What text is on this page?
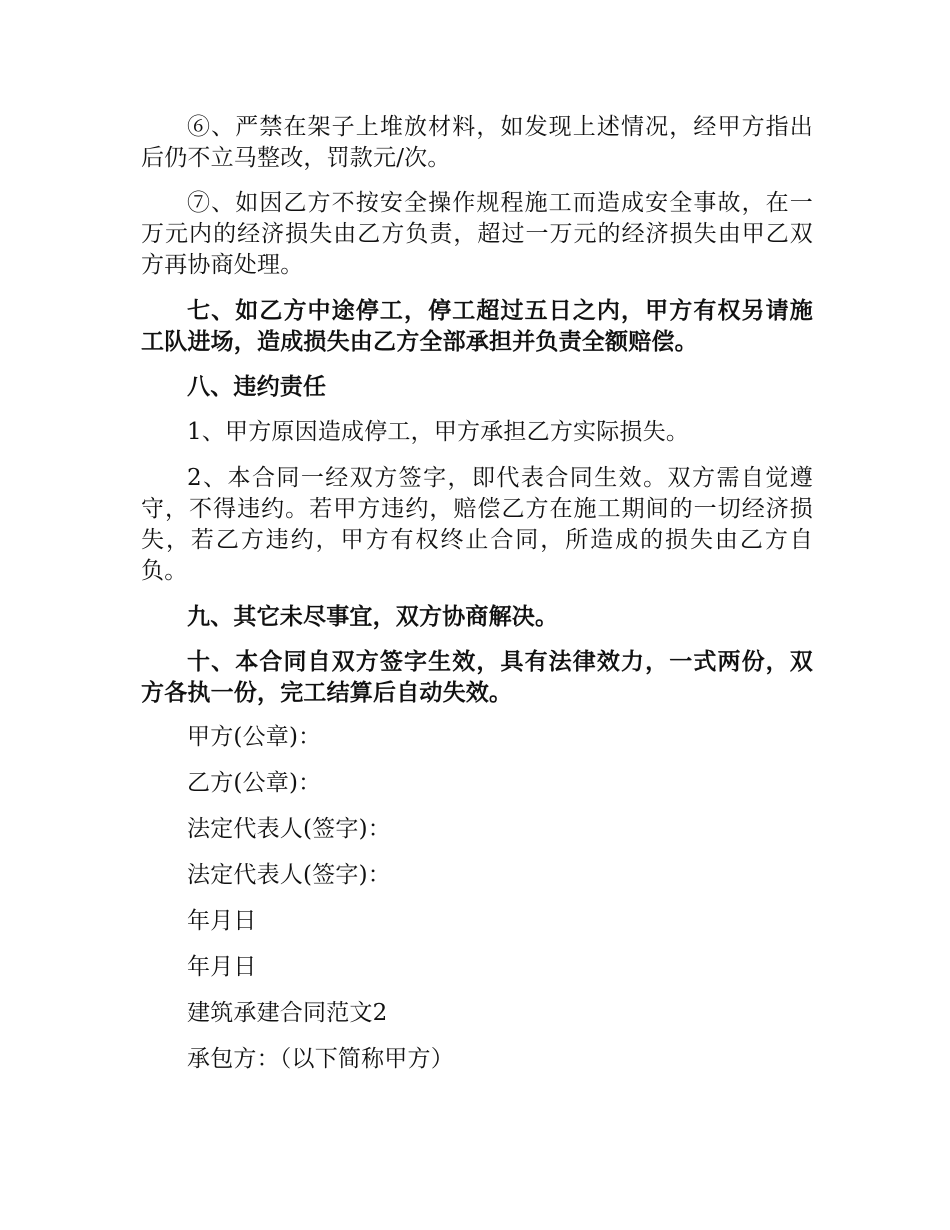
⑥、严禁在架子上堆放材料，如发现上述情况，经甲方指出后仍不立马整改，罚款元/次。

⑦、如因乙方不按安全操作规程施工而造成安全事故，在一万元内的经济损失由乙方负责，超过一万元的经济损失由甲乙双方再协商处理。

七、如乙方中途停工，停工超过五日之内，甲方有权另请施工队进场，造成损失由乙方全部承担并负责全额赔偿。

八、违约责任

1、甲方原因造成停工，甲方承担乙方实际损失。

2、本合同一经双方签字，即代表合同生效。双方需自觉遵守，不得违约。若甲方违约，赔偿乙方在施工期间的一切经济损失，若乙方违约，甲方有权终止合同，所造成的损失由乙方自负。

九、其它未尽事宜，双方协商解决。

十、本合同自双方签字生效，具有法律效力，一式两份，双方各执一份，完工结算后自动失效。

甲方(公章)：

乙方(公章)：

法定代表人(签字)：

法定代表人(签字)：

年月日

年月日

建筑承建合同范文2

承包方：（以下简称甲方）
